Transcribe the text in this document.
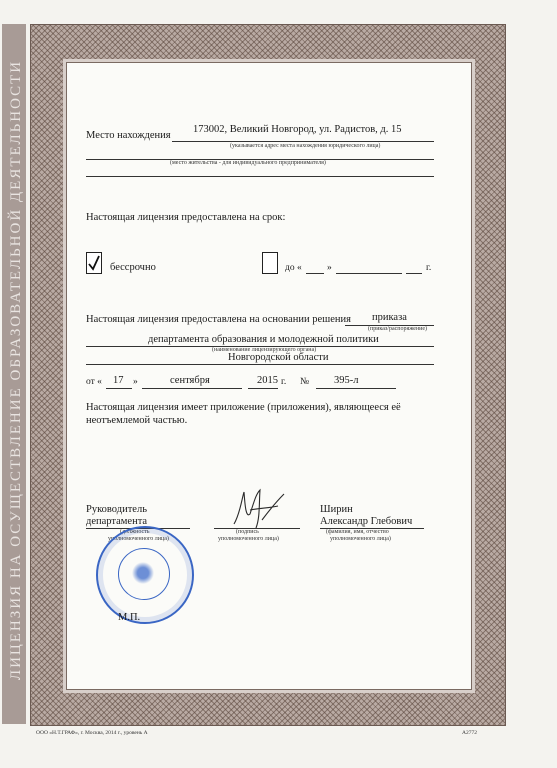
ЛИЦЕНЗИЯ НА ОСУЩЕСТВЛЕНИЕ ОБРАЗОВАТЕЛЬНОЙ ДЕЯТЕЛЬНОСТИ	Место нахождения
173002, Великий Новгород, ул. Радистов, д. 15
(указывается адрес места нахождения юридического лица)
(место жительства - для индивидуального предпринимателя)
Настоящая лицензия предоставлена на срок:
бессрочно	до «	»	г.
Настоящая лицензия предоставлена на основании решения приказа
(приказ/распоряжение)
департамента образования и молодежной политики
(наименование лицензирующего органа)
Новгородской области
от « 17 »	сентября	2015 г. № 395-л
Настоящая лицензия имеет приложение (приложения), являющееся её
неотъемлемой частью.
Руководитель
департамента
(должность
уполномоченного лица)
(подпись
уполномоченного лица)
Ширин
Александр Глебович
(фамилия, имя, отчество
уполномоченного лица)
М.П.
ООО «Н.Т.ГРАФ», г. Москва, 2014 г., уровень А	А2772
